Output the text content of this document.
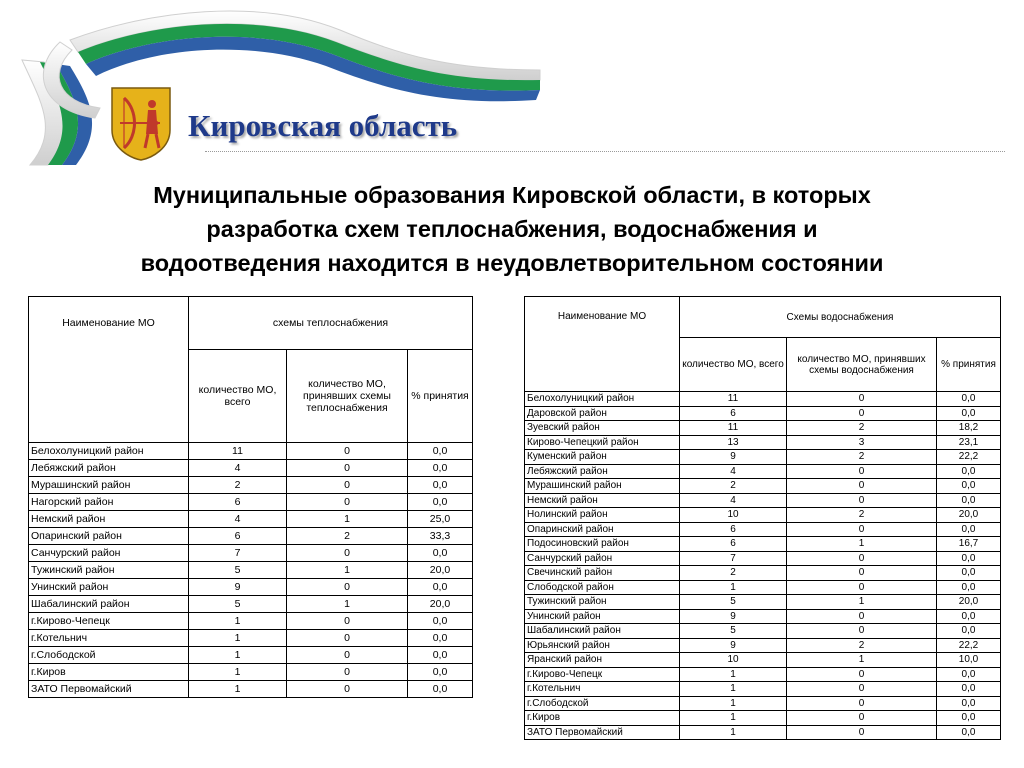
Кировская область
Муниципальные образования Кировской области, в которых
разработка схем теплоснабжения, водоснабжения и
водоотведения находится в неудовлетворительном состоянии
Наименование МО	схемы теплоснабжения		
	количество МО, всего	количество МО, принявших схемы теплоснабжения	% принятия
Белохолуницкий район	11	0	0,0
Лебяжский район	4	0	0,0
Мурашинский район	2	0	0,0
Нагорский район	6	0	0,0
Немский район	4	1	25,0
Опаринский район	6	2	33,3
Санчурский район	7	0	0,0
Тужинский район	5	1	20,0
Унинский район	9	0	0,0
Шабалинский район	5	1	20,0
г.Кирово-Чепецк	1	0	0,0
г.Котельнич	1	0	0,0
г.Слободской	1	0	0,0
г.Киров	1	0	0,0
ЗАТО Первомайский	1	0	0,0
Наименование МО	Схемы водоснабжения		
	количество МО, всего	количество МО, принявших схемы водоснабжения	% принятия
Белохолуницкий район	11	0	0,0
Даровской район	6	0	0,0
Зуевский район	11	2	18,2
Кирово-Чепецкий район	13	3	23,1
Куменский район	9	2	22,2
Лебяжский район	4	0	0,0
Мурашинский район	2	0	0,0
Немский район	4	0	0,0
Нолинский район	10	2	20,0
Опаринский район	6	0	0,0
Подосиновский район	6	1	16,7
Санчурский район	7	0	0,0
Свечинский район	2	0	0,0
Слободской район	1	0	0,0
Тужинский район	5	1	20,0
Унинский район	9	0	0,0
Шабалинский район	5	0	0,0
Юрьянский район	9	2	22,2
Яранский район	10	1	10,0
г.Кирово-Чепецк	1	0	0,0
г.Котельнич	1	0	0,0
г.Слободской	1	0	0,0
г.Киров	1	0	0,0
ЗАТО Первомайский	1	0	0,0
